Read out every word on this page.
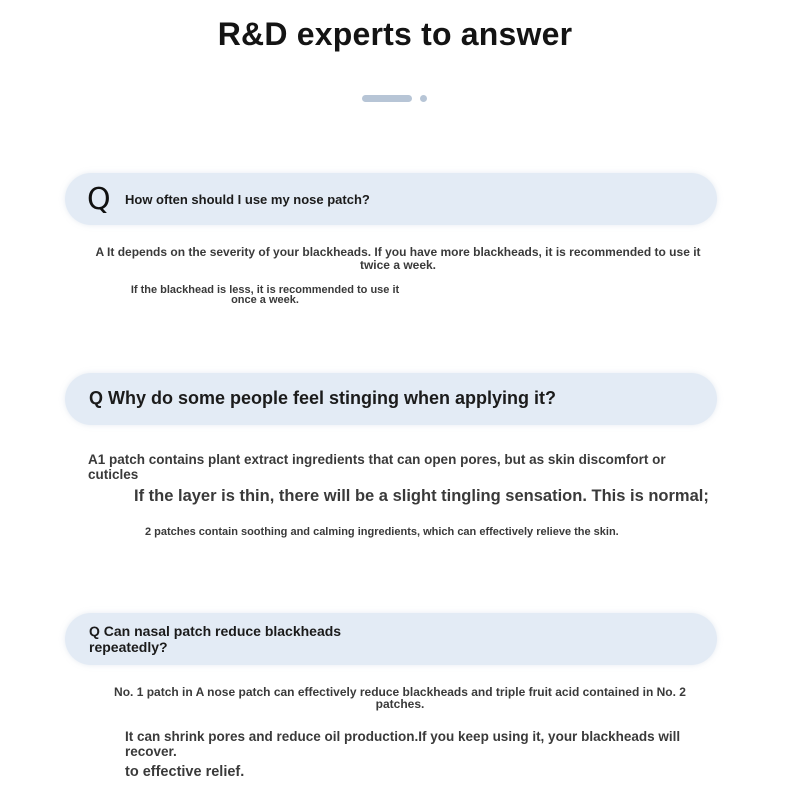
R&D experts to answer
Q How often should I use my nose patch?
A It depends on the severity of your blackheads. If you have more blackheads, it is recommended to use it twice a week.
If the blackhead is less, it is recommended to use it once a week.
Q Why do some people feel stinging when applying it?
A1 patch contains plant extract ingredients that can open pores, but as skin discomfort or cuticles
If the layer is thin, there will be a slight tingling sensation. This is normal;
2 patches contain soothing and calming ingredients, which can effectively relieve the skin.
Q Can nasal patch reduce blackheads repeatedly?
No. 1 patch in A nose patch can effectively reduce blackheads and triple fruit acid contained in No. 2 patches.
It can shrink pores and reduce oil production.If you keep using it, your blackheads will recover.
to effective relief.
